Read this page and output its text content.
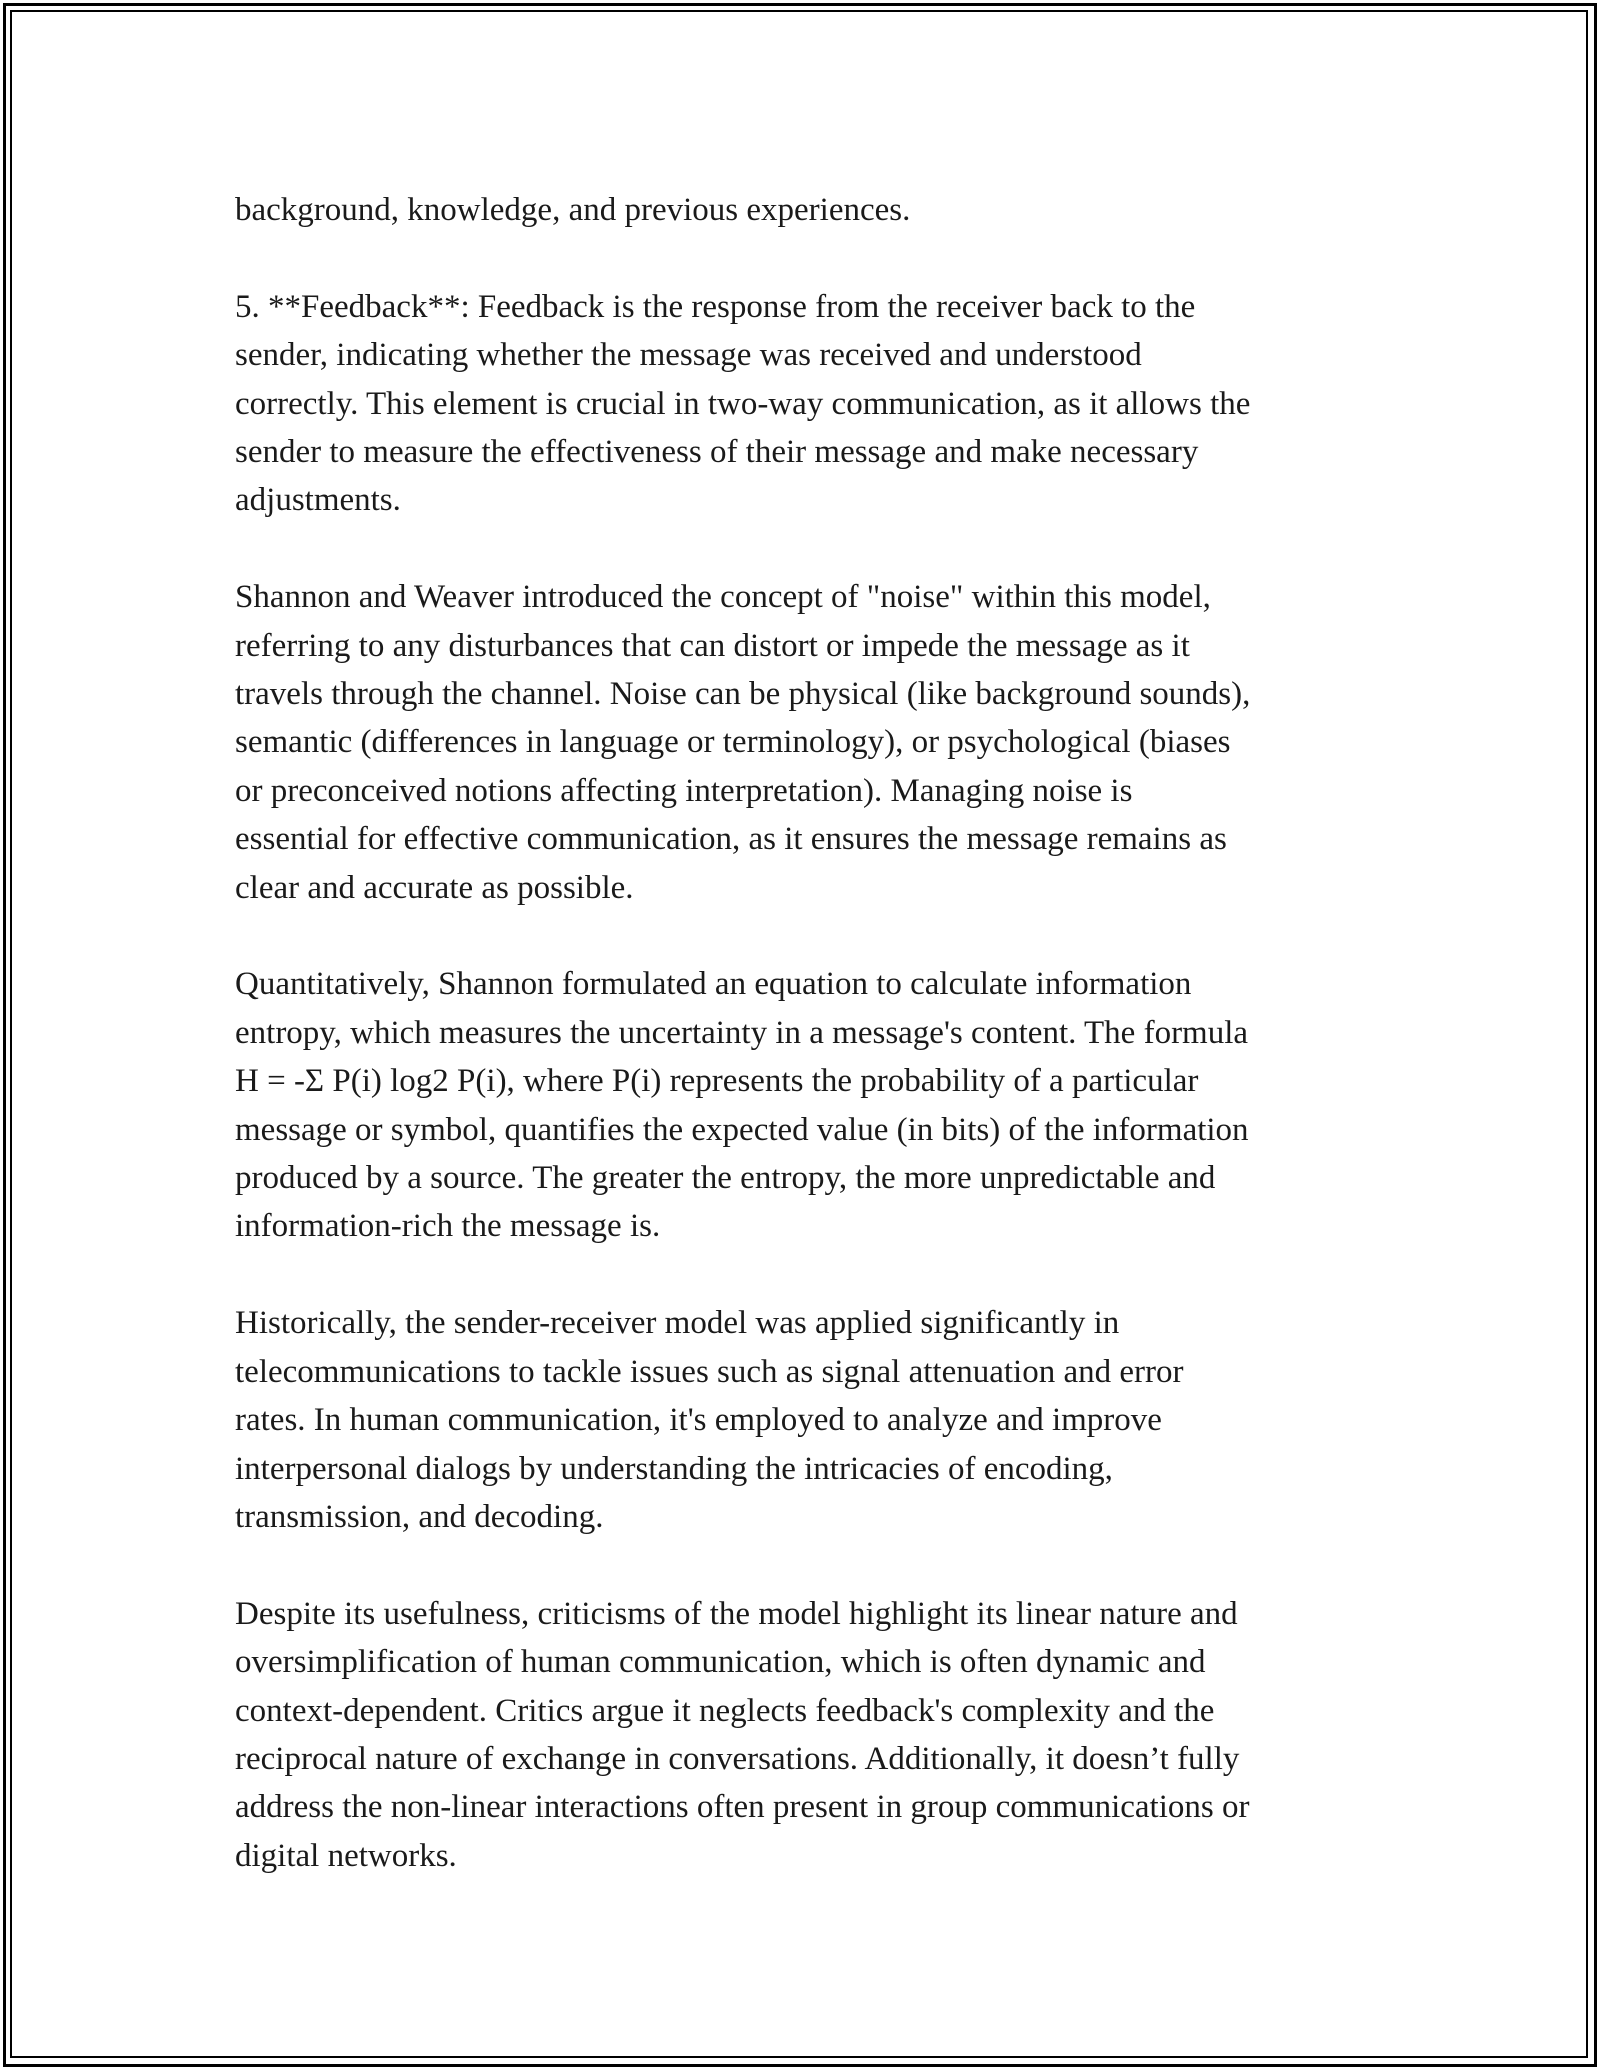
background, knowledge, and previous experiences.

5. **Feedback**: Feedback is the response from the receiver back to the
sender, indicating whether the message was received and understood
correctly. This element is crucial in two-way communication, as it allows the
sender to measure the effectiveness of their message and make necessary
adjustments.

Shannon and Weaver introduced the concept of "noise" within this model,
referring to any disturbances that can distort or impede the message as it
travels through the channel. Noise can be physical (like background sounds),
semantic (differences in language or terminology), or psychological (biases
or preconceived notions affecting interpretation). Managing noise is
essential for effective communication, as it ensures the message remains as
clear and accurate as possible.

Quantitatively, Shannon formulated an equation to calculate information
entropy, which measures the uncertainty in a message's content. The formula
H = -Σ P(i) log2 P(i), where P(i) represents the probability of a particular
message or symbol, quantifies the expected value (in bits) of the information
produced by a source. The greater the entropy, the more unpredictable and
information-rich the message is.

Historically, the sender-receiver model was applied significantly in
telecommunications to tackle issues such as signal attenuation and error
rates. In human communication, it's employed to analyze and improve
interpersonal dialogs by understanding the intricacies of encoding,
transmission, and decoding.

Despite its usefulness, criticisms of the model highlight its linear nature and
oversimplification of human communication, which is often dynamic and
context-dependent. Critics argue it neglects feedback's complexity and the
reciprocal nature of exchange in conversations. Additionally, it doesn’t fully
address the non-linear interactions often present in group communications or
digital networks.
